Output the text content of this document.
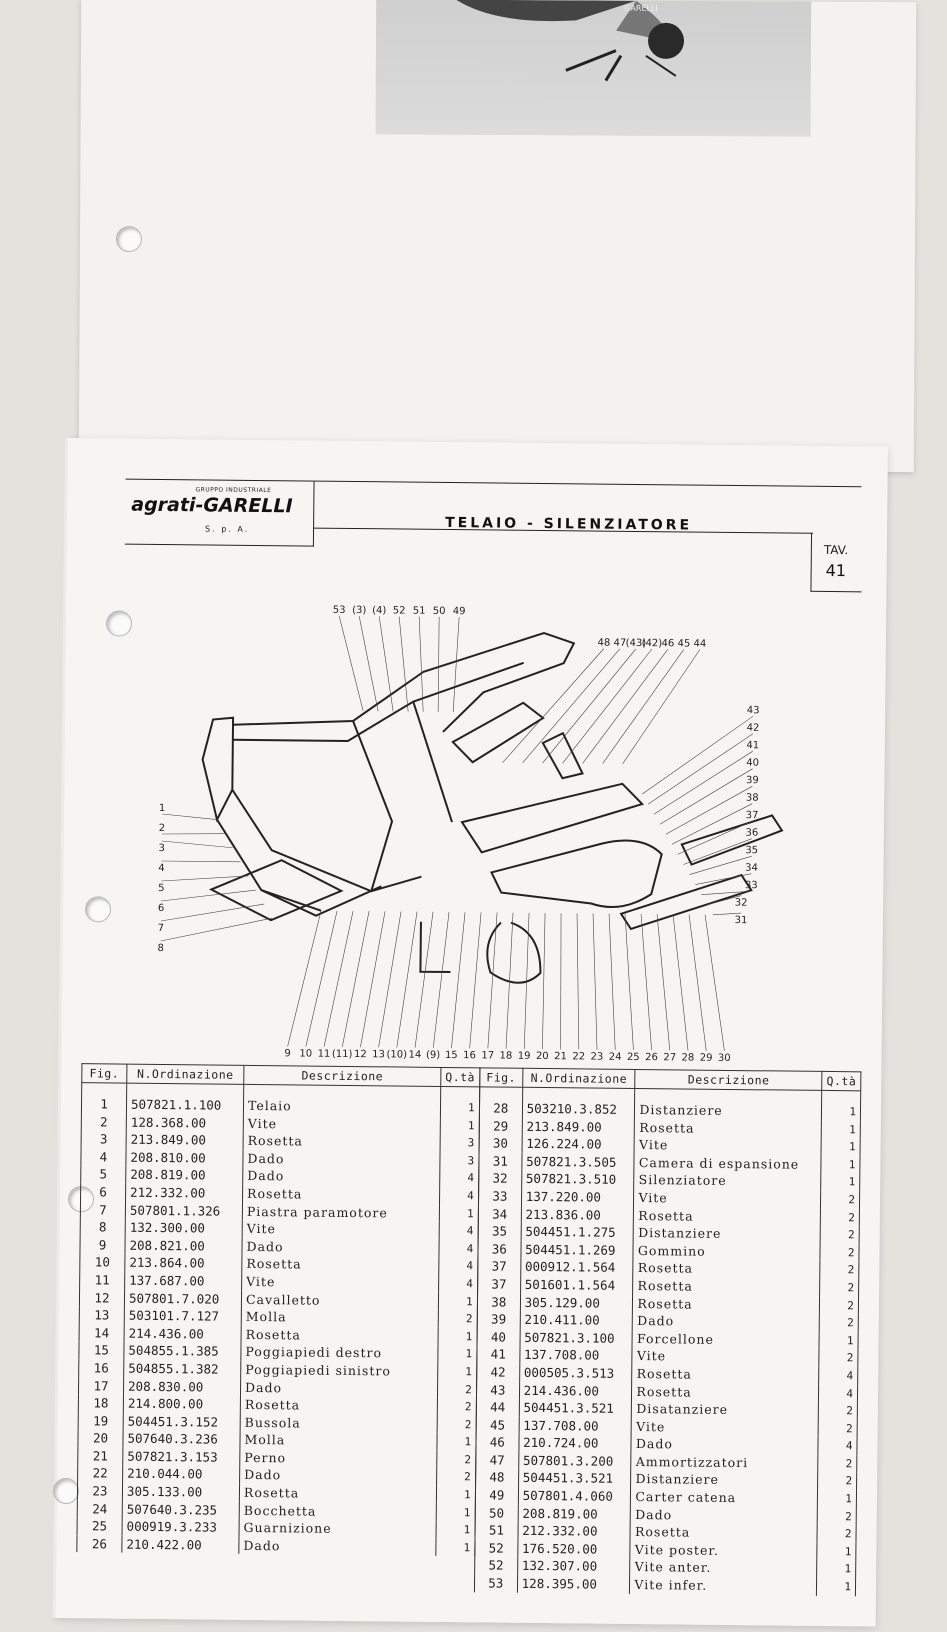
GARELLI
GRUPPO INDUSTRIALE
agrati-GARELLI
S. p. A.	TELAIO - SILENZIATORE
TAV.
41
53 (3) (4) 52 51 50 49
48 47 (43)
(42) 46 45 44
43
42
41
40
39
38
37
36
35
34
33
32
31
1
2
3
4
5
6
7
8
9 10 11 (11) 12 13 (10) 14 (9) 15 16 17 18 19 20 21 22 23 24 25 26 27 28 29 30
Fig.	N.Ordinazione	Descrizione	Q.tà
1	507821.1.100	Telaio	1
2	128.368.00	Vite	1
3	213.849.00	Rosetta	3
4	208.810.00	Dado	3
5	208.819.00	Dado	4
6	212.332.00	Rosetta	4
7	507801.1.326	Piastra paramotore	1
8	132.300.00	Vite	4
9	208.821.00	Dado	4
10	213.864.00	Rosetta	4
11	137.687.00	Vite	4
12	507801.7.020	Cavalletto	1
13	503101.7.127	Molla	2
14	214.436.00	Rosetta	1
15	504855.1.385	Poggiapiedi destro	1
16	504855.1.382	Poggiapiedi sinistro	1
17	208.830.00	Dado	2
18	214.800.00	Rosetta	2
19	504451.3.152	Bussola	2
20	507640.3.236	Molla	1
21	507821.3.153	Perno	2
22	210.044.00	Dado	2
23	305.133.00	Rosetta	1
24	507640.3.235	Bocchetta	1
25	000919.3.233	Guarnizione	1
26	210.422.00	Dado	1
Fig.	N.Ordinazione	Descrizione	Q.tà
28	503210.3.852	Distanziere	1
29	213.849.00	Rosetta	1
30	126.224.00	Vite	1
31	507821.3.505	Camera di espansione	1
32	507821.3.510	Silenziatore	1
33	137.220.00	Vite	2
34	213.836.00	Rosetta	2
35	504451.1.275	Distanziere	2
36	504451.1.269	Gommino	2
37	000912.1.564	Rosetta	2
37	501601.1.564	Rosetta	2
38	305.129.00	Rosetta	2
39	210.411.00	Dado	2
40	507821.3.100	Forcellone	1
41	137.708.00	Vite	2
42	000505.3.513	Rosetta	4
43	214.436.00	Rosetta	4
44	504451.3.521	Disatanziere	2
45	137.708.00	Vite	2
46	210.724.00	Dado	4
47	507801.3.200	Ammortizzatori	2
48	504451.3.521	Distanziere	2
49	507801.4.060	Carter catena	1
50	208.819.00	Dado	2
51	212.332.00	Rosetta	2
52	176.520.00	Vite poster.	1
52	132.307.00	Vite anter.	1
53	128.395.00	Vite infer.	1
